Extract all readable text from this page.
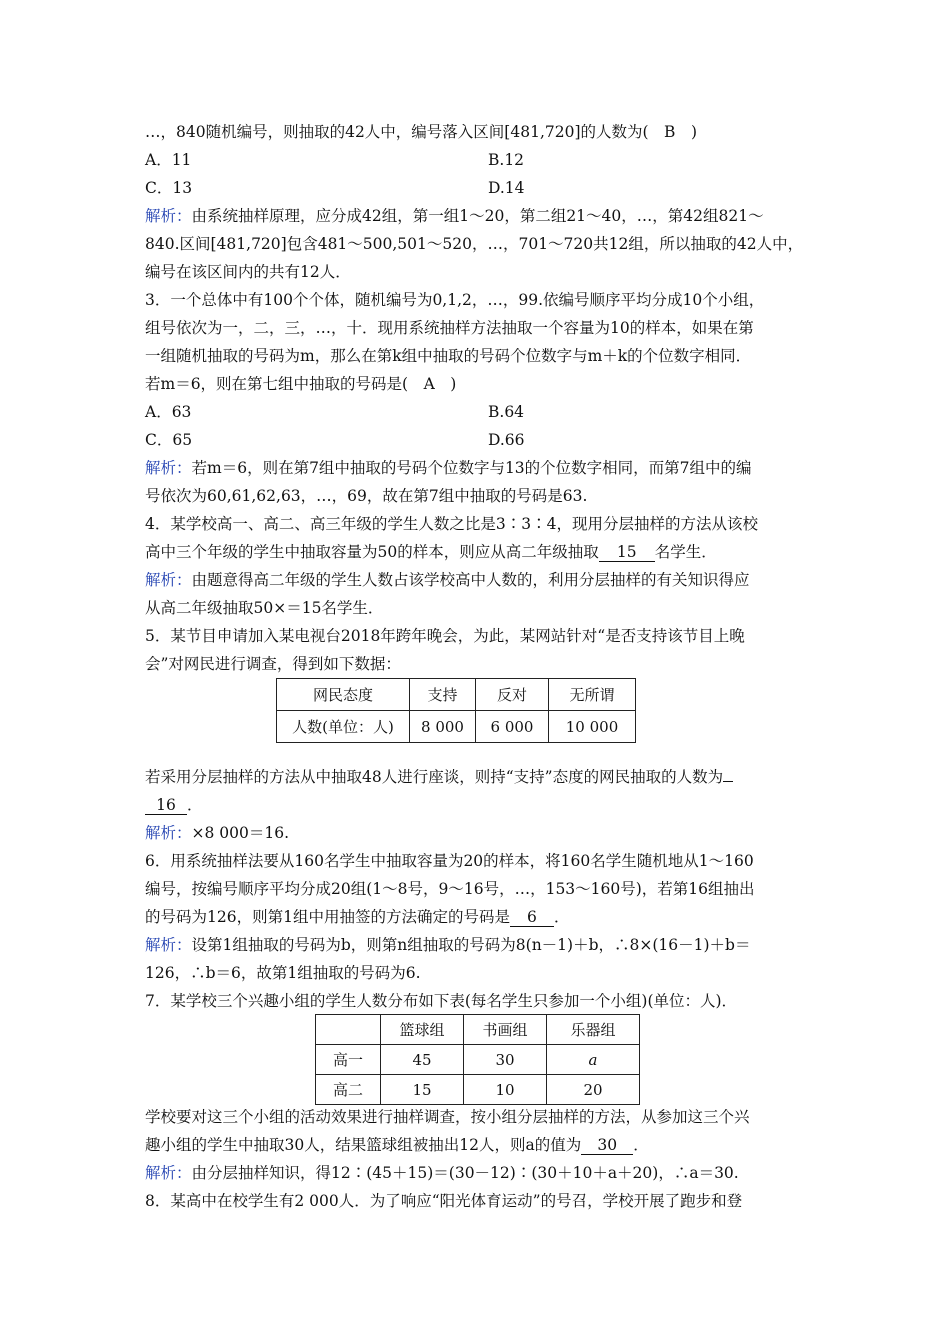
…，840随机编号，则抽取的42人中，编号落入区间[481,720]的人数为(　B　)
A．11	B.12
C．13	D.14
解析：由系统抽样原理，应分成42组，第一组1～20，第二组21～40，…，第42组821～
840.区间[481,720]包含481～500,501～520，…，701～720共12组，所以抽取的42人中，
编号在该区间内的共有12人．
3．一个总体中有100个个体，随机编号为0,1,2，…，99.依编号顺序平均分成10个小组，
组号依次为一，二，三，…，十．现用系统抽样方法抽取一个容量为10的样本，如果在第
一组随机抽取的号码为m，那么在第k组中抽取的号码个位数字与m＋k的个位数字相同．
若m＝6，则在第七组中抽取的号码是(　A　)
A．63	B.64
C．65	D.66
解析：若m＝6，则在第7组中抽取的号码个位数字与13的个位数字相同，而第7组中的编
号依次为60,61,62,63，…，69，故在第7组中抽取的号码是63.
4．某学校高一、高二、高三年级的学生人数之比是3∶3∶4，现用分层抽样的方法从该校
高中三个年级的学生中抽取容量为50的样本，则应从高二年级抽取 15 名学生．
解析：由题意得高二年级的学生人数占该学校高中人数的，利用分层抽样的有关知识得应
从高二年级抽取50×＝15名学生．
5．某节目申请加入某电视台2018年跨年晚会，为此，某网站针对“是否支持该节目上晚
会”对网民进行调查，得到如下数据：
网民态度	支持	反对	无所谓
人数(单位：人)	8 000	6 000	10 000
若采用分层抽样的方法从中抽取48人进行座谈，则持“支持”态度的网民抽取的人数为
16 ．
解析：×8 000＝16.
6．用系统抽样法要从160名学生中抽取容量为20的样本，将160名学生随机地从1～160
编号，按编号顺序平均分成20组(1～8号，9～16号，…，153～160号)，若第16组抽出
的号码为126，则第1组中用抽签的方法确定的号码是 6 ．
解析：设第1组抽取的号码为b，则第n组抽取的号码为8(n－1)＋b，∴8×(16－1)＋b＝
126，∴b＝6，故第1组抽取的号码为6.
7．某学校三个兴趣小组的学生人数分布如下表(每名学生只参加一个小组)(单位：人)．
	篮球组	书画组	乐器组
高一	45	30	a
高二	15	10	20
学校要对这三个小组的活动效果进行抽样调查，按小组分层抽样的方法，从参加这三个兴
趣小组的学生中抽取30人，结果篮球组被抽出12人，则a的值为 30 ．
解析：由分层抽样知识，得12∶(45＋15)＝(30－12)∶(30＋10＋a＋20)，∴a＝30.
8．某高中在校学生有2 000人．为了响应“阳光体育运动”的号召，学校开展了跑步和登
